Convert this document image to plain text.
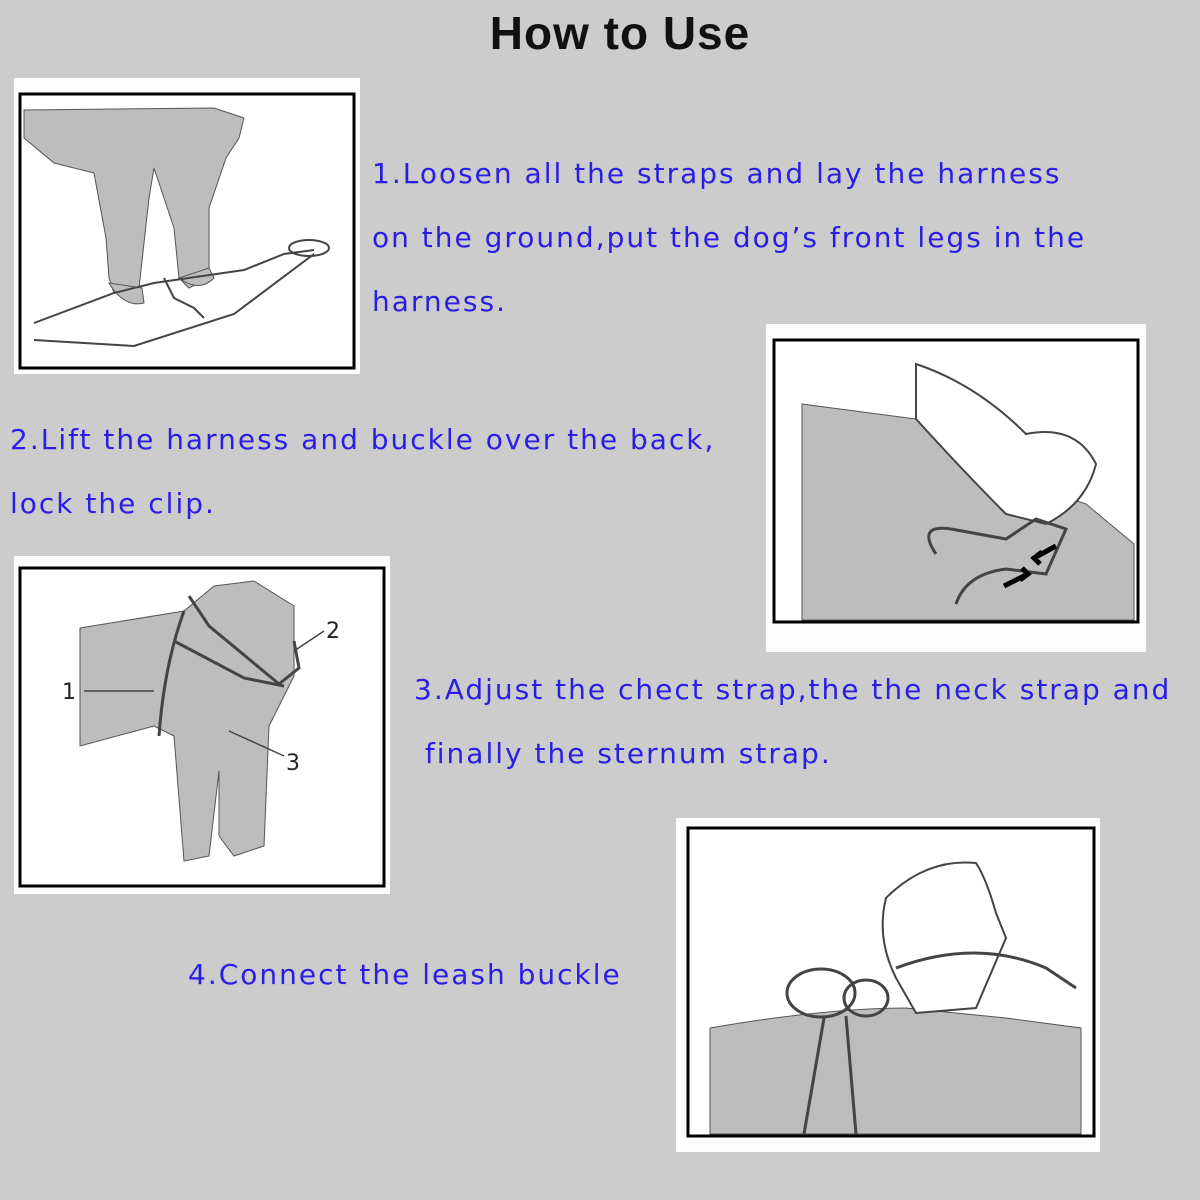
How to Use
1.Loosen all the straps and lay the harness
on the ground,put the dog’s front legs in the
harness.
2.Lift the harness and buckle over the back,
lock the clip.
1
2
3
3.Adjust the chect strap,the the neck strap and
finally the sternum strap.
4.Connect the leash buckle
